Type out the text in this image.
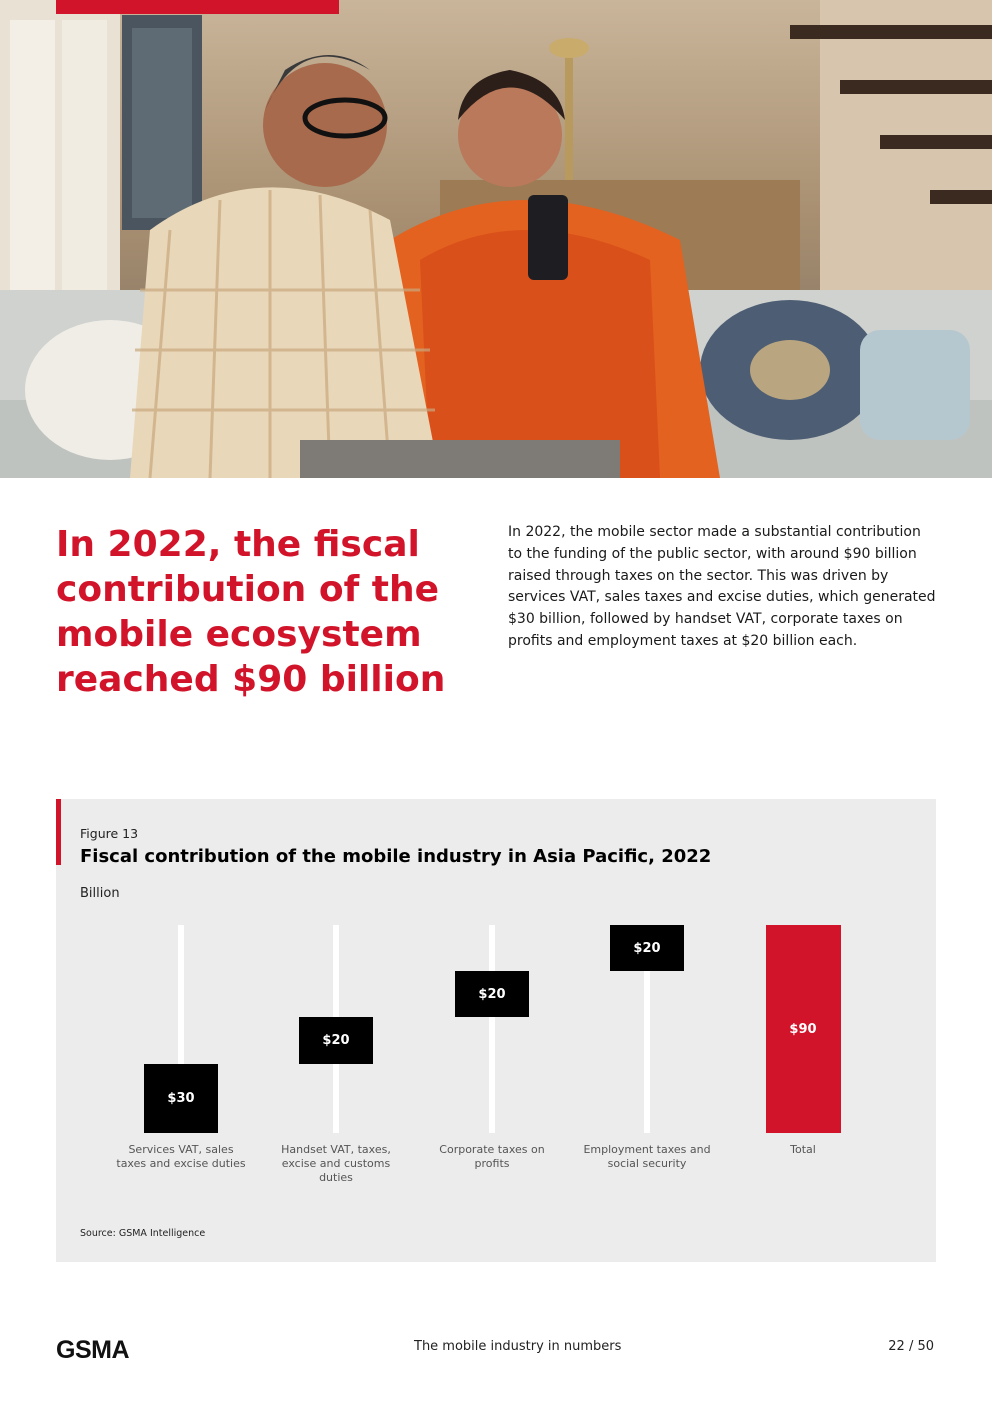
In 2022, the fiscal contribution of the mobile ecosystem reached $90 billion

In 2022, the mobile sector made a substantial contribution to the funding of the public sector, with around $90 billion raised through taxes on the sector. This was driven by services VAT, sales taxes and excise duties, which generated $30 billion, followed by handset VAT, corporate taxes on profits and employment taxes at $20 billion each.

Figure 13
Fiscal contribution of the mobile industry in Asia Pacific, 2022
Billion
Source: GSMA Intelligence
$30
Services VAT, sales taxes and excise duties
$20
Handset VAT, taxes, excise and customs duties
$20
Corporate taxes on profits
$20
Employment taxes and social security
$90
Total
GSMA	The mobile industry in numbers	22 / 50
